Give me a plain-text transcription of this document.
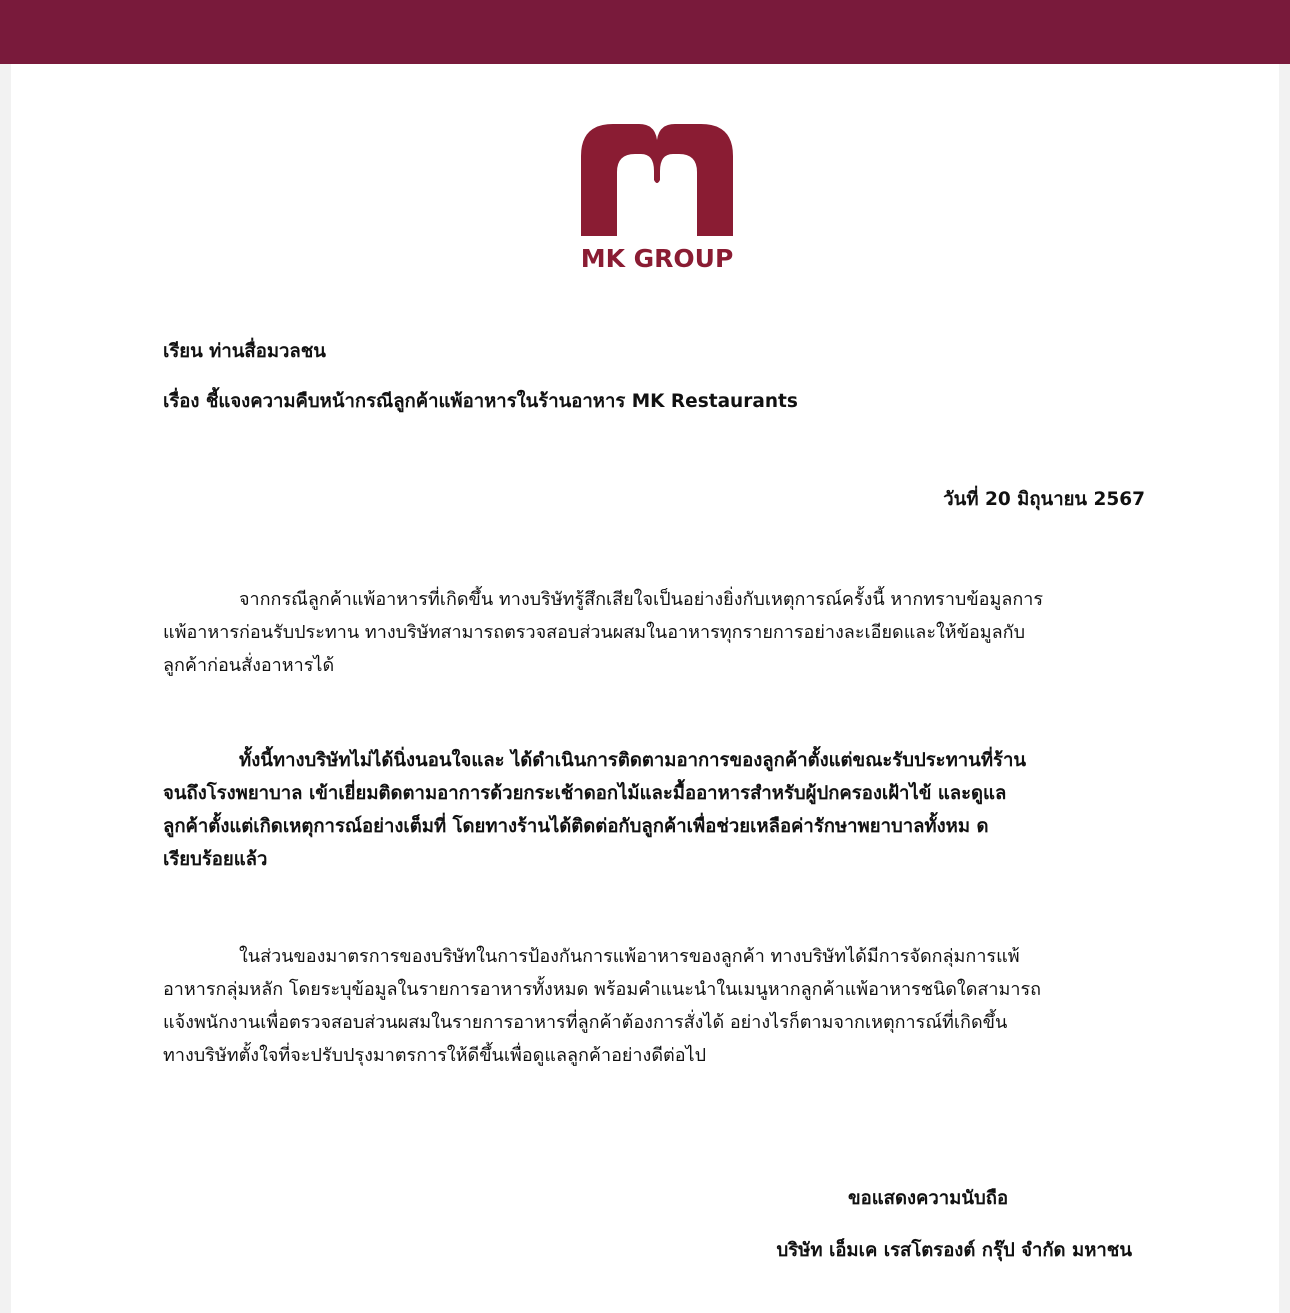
MK GROUP

เรียน ท่านสื่อมวลชน

เรื่อง ชี้แจงความคืบหน้ากรณีลูกค้าแพ้อาหารในร้านอาหาร MK Restaurants

วันที่ 20 มิถุนายน 2567

จากกรณีลูกค้าแพ้อาหารที่เกิดขึ้น ทางบริษัทรู้สึกเสียใจเป็นอย่างยิ่งกับเหตุการณ์ครั้งนี้ หากทราบข้อมูลการ
แพ้อาหารก่อนรับประทาน ทางบริษัทสามารถตรวจสอบส่วนผสมในอาหารทุกรายการอย่างละเอียดและให้ข้อมูลกับ
ลูกค้าก่อนสั่งอาหารได้

ทั้งนี้ทางบริษัทไม่ได้นิ่งนอนใจและ ได้ดำเนินการติดตามอาการของลูกค้าตั้งแต่ขณะรับประทานที่ร้าน
จนถึงโรงพยาบาล เข้าเยี่ยมติดตามอาการด้วยกระเช้าดอกไม้และมื้ออาหารสำหรับผู้ปกครองเฝ้าไข้ และดูแล
ลูกค้าตั้งแต่เกิดเหตุการณ์อย่างเต็มที่ โดยทางร้านได้ติดต่อกับลูกค้าเพื่อช่วยเหลือค่ารักษาพยาบาลทั้งหม ด
เรียบร้อยแล้ว

ในส่วนของมาตรการของบริษัทในการป้องกันการแพ้อาหารของลูกค้า ทางบริษัทได้มีการจัดกลุ่มการแพ้
อาหารกลุ่มหลัก โดยระบุข้อมูลในรายการอาหารทั้งหมด พร้อมคำแนะนำในเมนูหากลูกค้าแพ้อาหารชนิดใดสามารถ
แจ้งพนักงานเพื่อตรวจสอบส่วนผสมในรายการอาหารที่ลูกค้าต้องการสั่งได้ อย่างไรก็ตามจากเหตุการณ์ที่เกิดขึ้น
ทางบริษัทตั้งใจที่จะปรับปรุงมาตรการให้ดีขึ้นเพื่อดูแลลูกค้าอย่างดีต่อไป

ขอแสดงความนับถือ

บริษัท เอ็มเค เรสโตรองต์ กรุ๊ป จำกัด มหาชน
